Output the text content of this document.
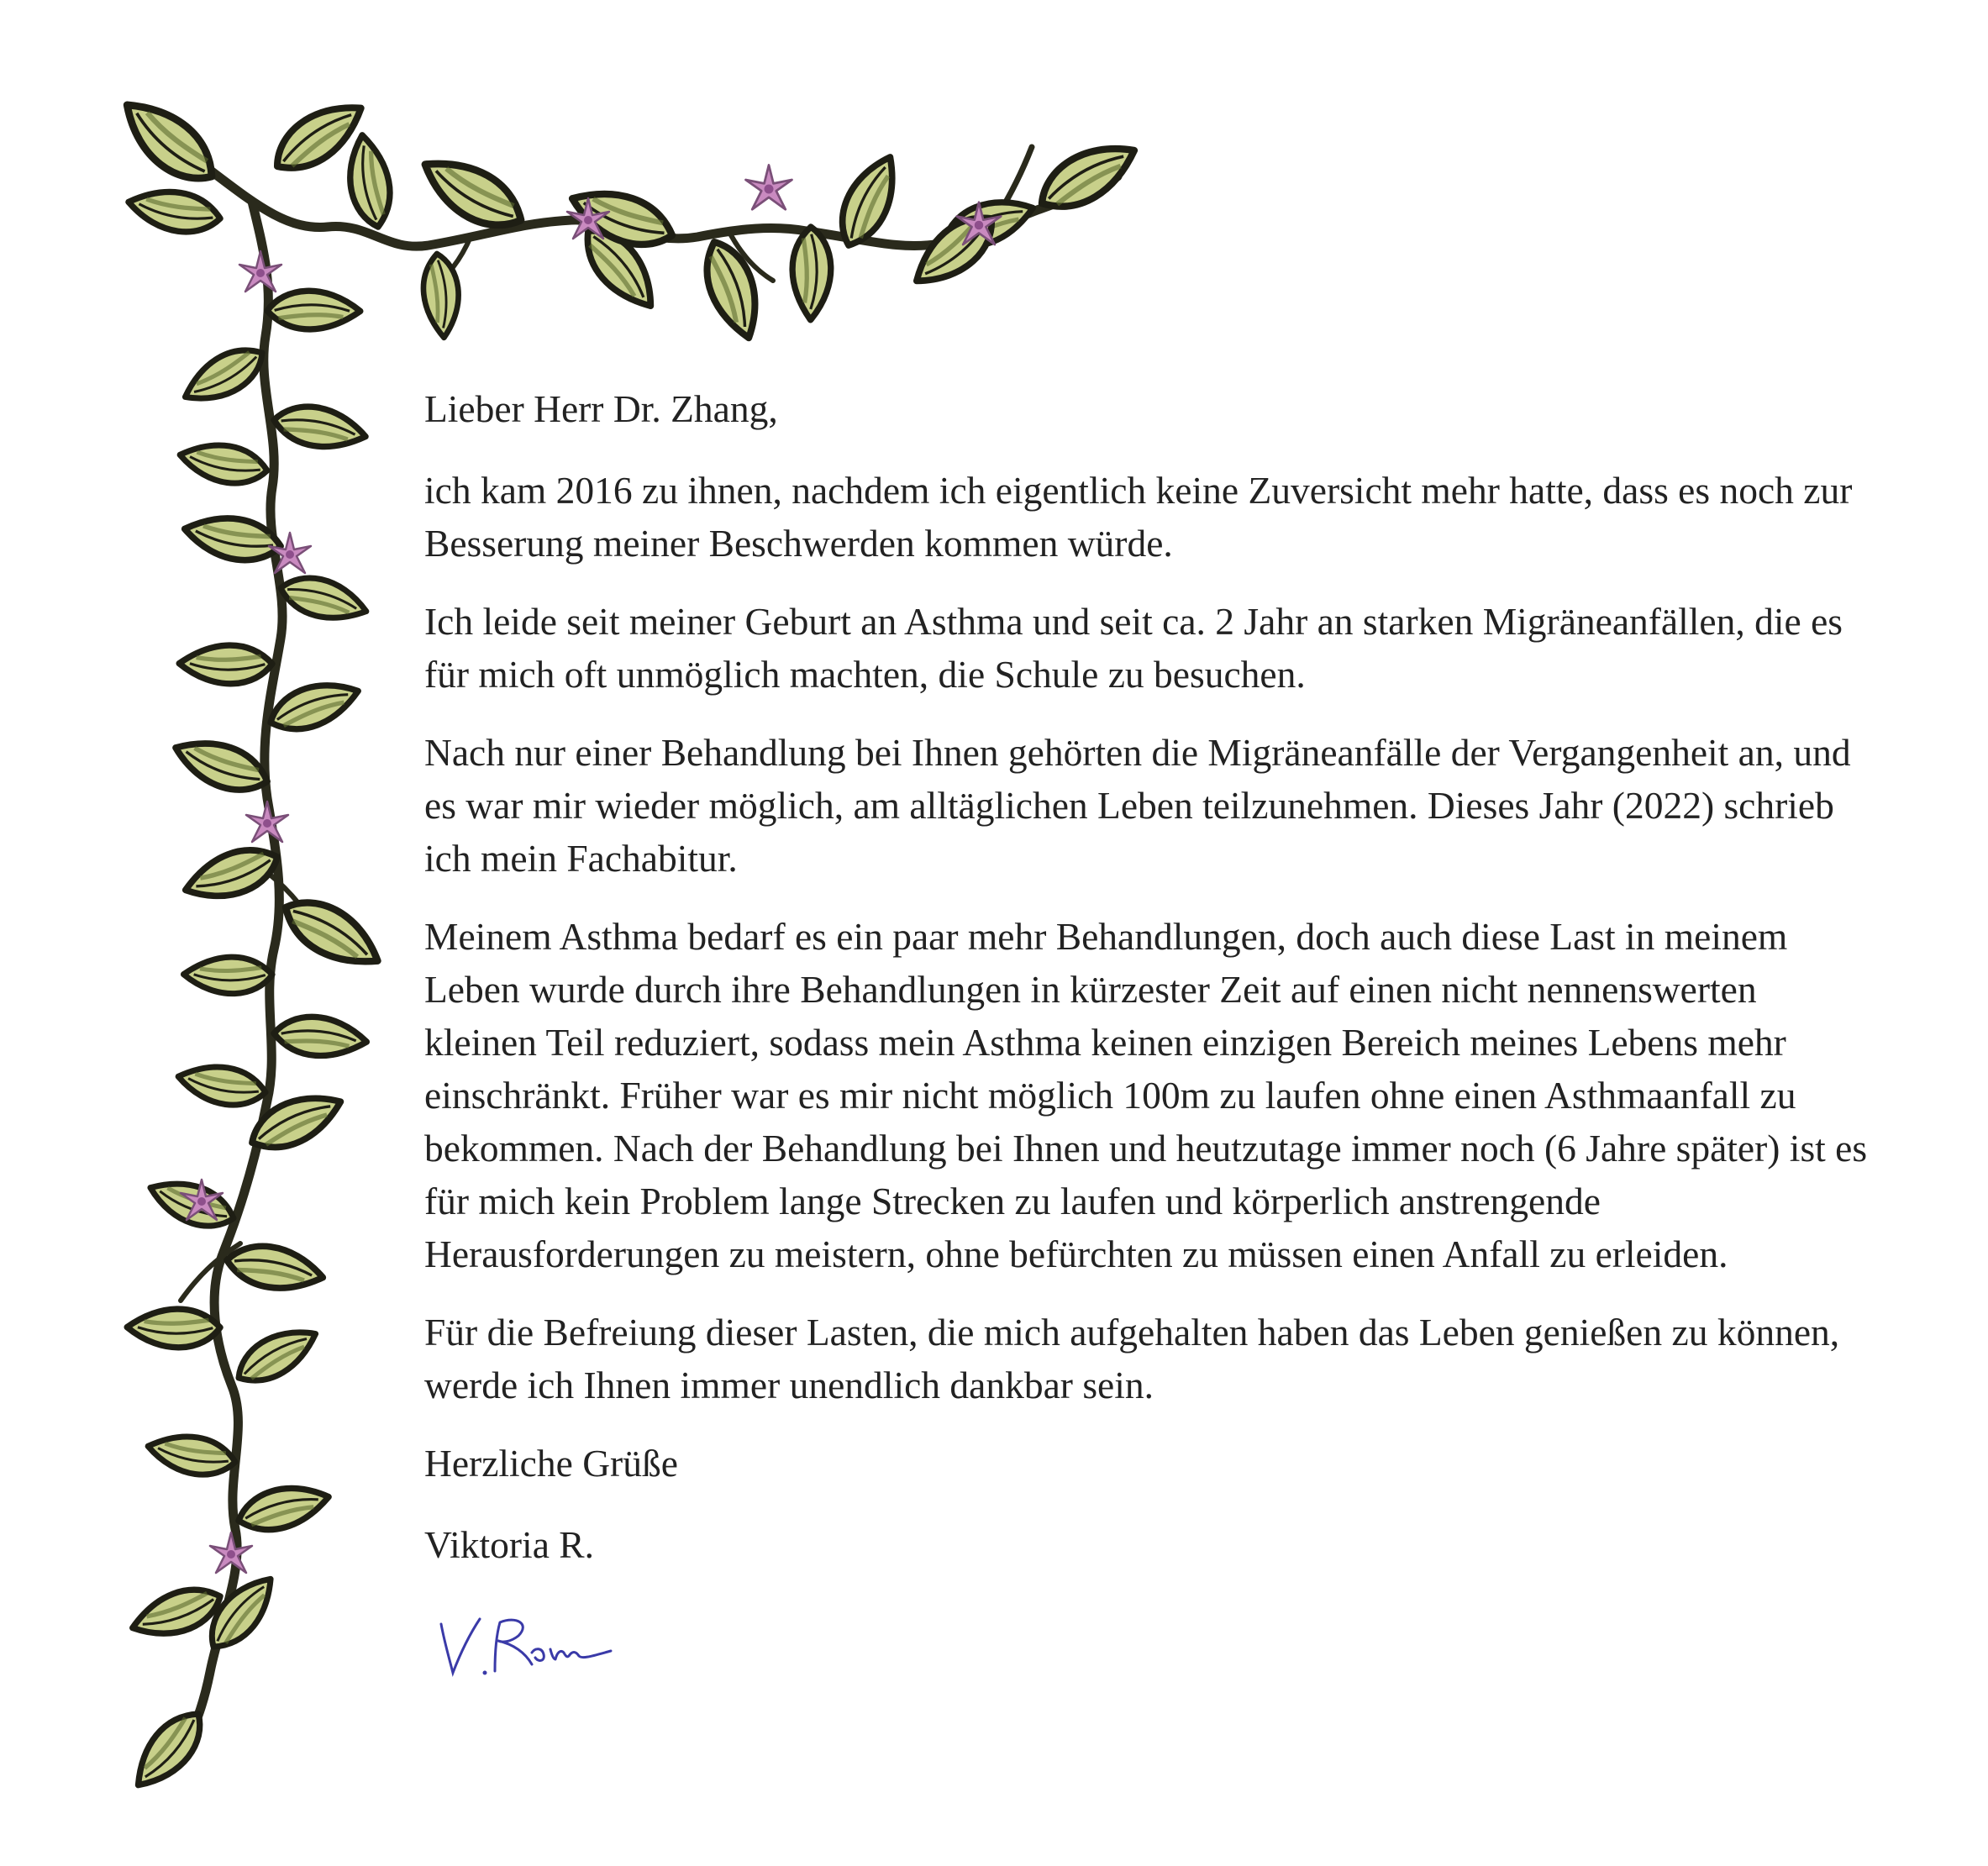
Lieber Herr Dr. Zhang,

ich kam 2016 zu ihnen, nachdem ich eigentlich keine Zuversicht mehr hatte, dass es noch zur Besserung meiner Beschwerden kommen würde.

Ich leide seit meiner Geburt an Asthma und seit ca. 2 Jahr an starken Migräneanfällen, die es für mich oft unmöglich machten, die Schule zu besuchen.

Nach nur einer Behandlung bei Ihnen gehörten die Migräneanfälle der Vergangenheit an, und es war mir wieder möglich, am alltäglichen Leben teilzunehmen. Dieses Jahr (2022) schrieb ich mein Fachabitur.

Meinem Asthma bedarf es ein paar mehr Behandlungen, doch auch diese Last in meinem Leben wurde durch ihre Behandlungen in kürzester Zeit auf einen nicht nennenswerten kleinen Teil reduziert, sodass mein Asthma keinen einzigen Bereich meines Lebens mehr einschränkt. Früher war es mir nicht möglich 100m zu laufen ohne einen Asthmaanfall zu bekommen. Nach der Behandlung bei Ihnen und heutzutage immer noch (6 Jahre später) ist es für mich kein Problem lange Strecken zu laufen und körperlich anstrengende Herausforderungen zu meistern, ohne befürchten zu müssen einen Anfall zu erleiden.

Für die Befreiung dieser Lasten, die mich aufgehalten haben das Leben genießen zu können, werde ich Ihnen immer unendlich dankbar sein.

Herzliche Grüße

Viktoria R.
